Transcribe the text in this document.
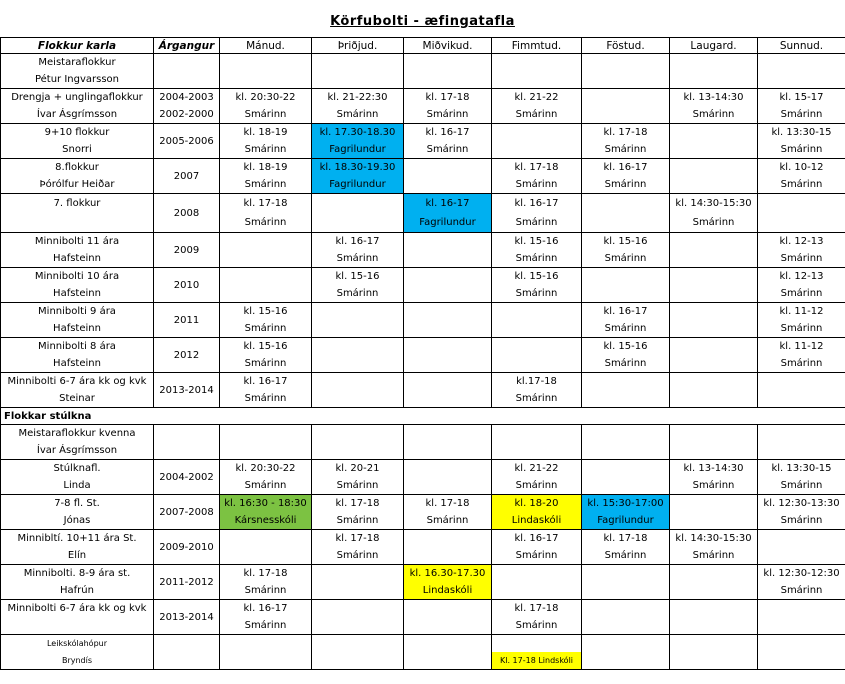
Körfubolti - æfingatafla
Flokkur karla	Árgangur	Mánud.	Þriðjud.	Miðvikud.	Fimmtud.	Föstud.	Laugard.	Sunnud.
Meistaraflokkur								
Pétur Ingvarsson								
Drengja + unglingaflokkur	2004-2003	kl. 20:30-22	kl. 21-22:30	kl. 17-18	kl. 21-22		kl. 13-14:30	kl. 15-17
Ívar Ásgrímsson	2002-2000	Smárinn	Smárinn	Smárinn	Smárinn		Smárinn	Smárinn
9+10 flokkur	2005-2006	kl. 18-19	kl. 17.30-18.30	kl. 16-17		kl. 17-18		kl. 13:30-15
Snorri		Smárinn	Fagrilundur	Smárinn		Smárinn		Smárinn
8.flokkur	2007	kl. 18-19	kl. 18.30-19.30		kl. 17-18	kl. 16-17		kl. 10-12
Þórólfur Heiðar		Smárinn	Fagrilundur		Smárinn	Smárinn		Smárinn
7. flokkur	2008	kl. 17-18		kl. 16-17	kl. 16-17		kl. 14:30-15:30	
		Smárinn		Fagrilundur	Smárinn		Smárinn	
Minnibolti 11 ára	2009		kl. 16-17		kl. 15-16	kl. 15-16		kl. 12-13
Hafsteinn			Smárinn		Smárinn	Smárinn		Smárinn
Minnibolti 10 ára	2010		kl. 15-16		kl. 15-16			kl. 12-13
Hafsteinn			Smárinn		Smárinn			Smárinn
Minnibolti 9 ára	2011	kl. 15-16				kl. 16-17		kl. 11-12
Hafsteinn		Smárinn				Smárinn		Smárinn
Minnibolti 8 ára	2012	kl. 15-16				kl. 15-16		kl. 11-12
Hafsteinn		Smárinn				Smárinn		Smárinn
Minnibolti 6-7 ára kk og kvk	2013-2014	kl. 16-17			kl.17-18			
Steinar		Smárinn			Smárinn			
Flokkar stúlkna								
Meistaraflokkur kvenna								
Ívar Ásgrímsson								
Stúlknafl.	2004-2002	kl. 20:30-22	kl. 20-21		kl. 21-22		kl. 13-14:30	kl. 13:30-15
Linda		Smárinn	Smárinn		Smárinn		Smárinn	Smárinn
7-8 fl. St.	2007-2008	kl. 16:30 - 18:30	kl. 17-18	kl. 17-18	kl. 18-20	kl. 15:30-17:00		kl. 12:30-13:30
Jónas		Kársnesskóli	Smárinn	Smárinn	Lindaskóli	Fagrilundur		Smárinn
Minnibltí. 10+11 ára St.	2009-2010		kl. 17-18		kl. 16-17	kl. 17-18	kl. 14:30-15:30	
Elín			Smárinn		Smárinn	Smárinn	Smárinn	
Minnibolti. 8-9 ára st.	2011-2012	kl. 17-18		kl. 16.30-17.30				kl. 12:30-12:30
Hafrún		Smárinn		Lindaskóli				Smárinn
Minnibolti 6-7 ára kk og kvk	2013-2014	kl. 16-17			kl. 17-18			
		Smárinn			Smárinn			
Leikskólahópur								
Bryndís					Kl. 17-18 Lindskóli			
